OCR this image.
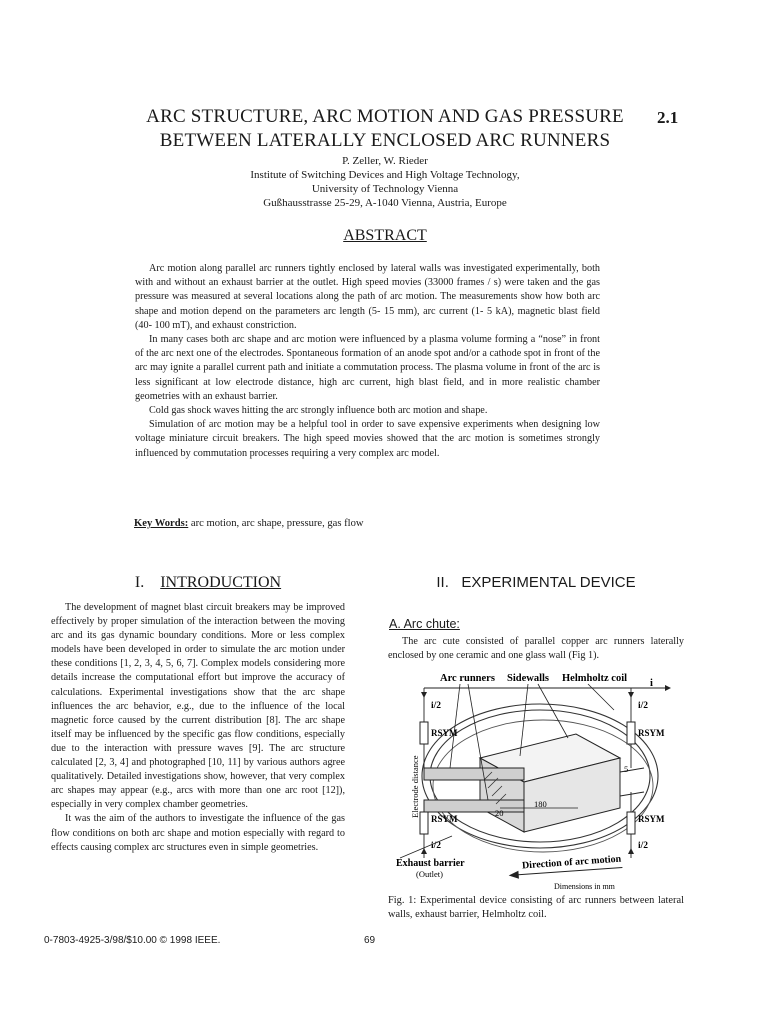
ARC STRUCTURE, ARC MOTION AND GAS PRESSURE
BETWEEN LATERALLY ENCLOSED ARC RUNNERS
2.1
P. Zeller, W. Rieder
Institute of Switching Devices and High Voltage Technology,
University of Technology Vienna
Gußhausstrasse 25-29, A-1040 Vienna, Austria, Europe
ABSTRACT

Arc motion along parallel arc runners tightly enclosed by lateral walls was investigated experimentally, both with and without an exhaust barrier at the outlet. High speed movies (33000 frames / s) were taken and the gas pressure was measured at several locations along the path of arc motion. The measurements show how both arc shape and motion depend on the parameters arc length (5- 15 mm), arc current (1- 5 kA), magnetic blast field (40- 100 mT), and exhaust constriction.

In many cases both arc shape and arc motion were influenced by a plasma volume forming a “nose” in front of the arc next one of the electrodes. Spontaneous formation of an anode spot and/or a cathode spot in front of the arc may ignite a parallel current path and initiate a commutation process. The plasma volume in front of the arc is less significant at low electrode distance, high arc current, high blast field, and in more realistic chamber geometries with an exhaust barrier.

Cold gas shock waves hitting the arc strongly influence both arc motion and shape.

Simulation of arc motion may be a helpful tool in order to save expensive experiments when designing low voltage miniature circuit breakers. The high speed movies showed that the arc motion is sometimes strongly influenced by commutation processes requiring a very complex arc model.

Key Words: arc motion, arc shape, pressure, gas flow
I. INTRODUCTION

The development of magnet blast circuit breakers may be improved effectively by proper simulation of the interaction between the moving arc and its gas dynamic boundary conditions. More or less complex models have been developed in order to simulate the arc motion under these conditions [1, 2, 3, 4, 5, 6, 7]. Complex models considering more details increase the computational effort but improve the accuracy of calculations. Experimental investigations show that the arc shape influences the arc behavior, e.g., due to the influence of the local magnetic force caused by the current distribution [8]. The arc shape itself may be influenced by the specific gas flow conditions, especially due to the interaction with pressure waves [9]. The arc structure calculated [2, 3, 4] and photographed [10, 11] by various authors agree qualitatively. Detailed investigations show, however, that very complex arc shapes may appear (e.g., arcs with more than one arc root [12]), especially in very complex chamber geometries.

It was the aim of the authors to investigate the influence of the gas flow conditions on both arc shape and motion especially with regard to effects causing complex arc structures even in simple geometries.

II. EXPERIMENTAL DEVICE
A. Arc chute:

The arc cute consisted of parallel copper arc runners laterally enclosed by one ceramic and one glass wall (Fig 1).

Arc runners Sidewalls Helmholtz coil i
RSYM	RSYM
RSYM	RSYM
i/2	i/2
i/2	i/2
Electrode distance	180
20
5
Exhaust barrier
(Outlet)
Direction of arc motion
Dimensions in mm
Fig. 1: Experimental device consisting of arc runners between lateral walls, exhaust barrier, Helmholtz coil.
0-7803-4925-3/98/$10.00 © 1998 IEEE.	69
